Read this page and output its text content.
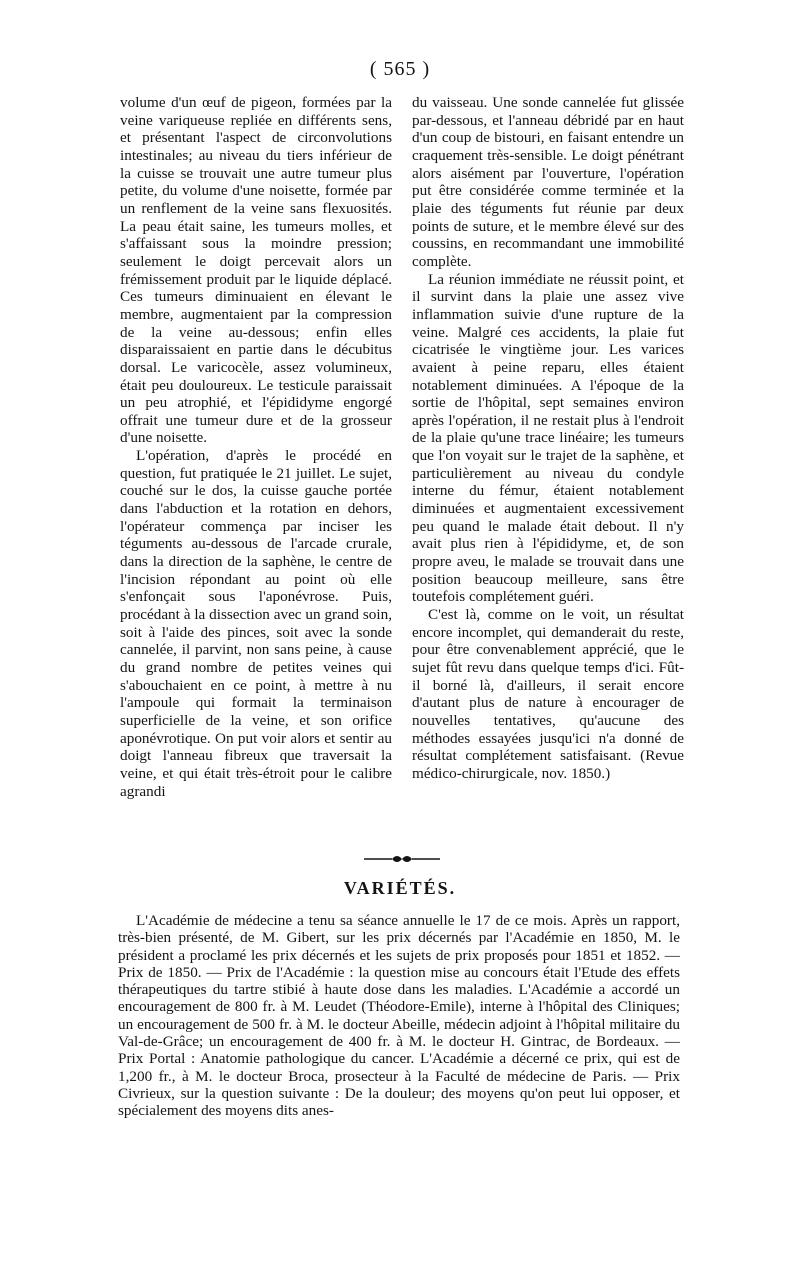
( 565 )

volume d'un œuf de pigeon, formées par la veine variqueuse repliée en différents sens, et présentant l'aspect de circonvolutions intestinales; au niveau du tiers inférieur de la cuisse se trouvait une autre tumeur plus petite, du volume d'une noisette, formée par un renflement de la veine sans flexuosités. La peau était saine, les tumeurs molles, et s'affaissant sous la moindre pression; seulement le doigt percevait alors un frémissement produit par le liquide déplacé. Ces tumeurs diminuaient en élevant le membre, augmentaient par la compression de la veine au-dessous; enfin elles disparaissaient en partie dans le décubitus dorsal. Le varicocèle, assez volumineux, était peu douloureux. Le testicule paraissait un peu atrophié, et l'épididyme engorgé offrait une tumeur dure et de la grosseur d'une noisette.

L'opération, d'après le procédé en question, fut pratiquée le 21 juillet. Le sujet, couché sur le dos, la cuisse gauche portée dans l'abduction et la rotation en dehors, l'opérateur commença par inciser les téguments au-dessous de l'arcade crurale, dans la direction de la saphène, le centre de l'incision répondant au point où elle s'enfonçait sous l'aponévrose. Puis, procédant à la dissection avec un grand soin, soit à l'aide des pinces, soit avec la sonde cannelée, il parvint, non sans peine, à cause du grand nombre de petites veines qui s'abouchaient en ce point, à mettre à nu l'ampoule qui formait la terminaison superficielle de la veine, et son orifice aponévrotique. On put voir alors et sentir au doigt l'anneau fibreux que traversait la veine, et qui était très-étroit pour le calibre agrandi

du vaisseau. Une sonde cannelée fut glissée par-dessous, et l'anneau débridé par en haut d'un coup de bistouri, en faisant entendre un craquement très-sensible. Le doigt pénétrant alors aisément par l'ouverture, l'opération put être considérée comme terminée et la plaie des téguments fut réunie par deux points de suture, et le membre élevé sur des coussins, en recommandant une immobilité complète.

La réunion immédiate ne réussit point, et il survint dans la plaie une assez vive inflammation suivie d'une rupture de la veine. Malgré ces accidents, la plaie fut cicatrisée le vingtième jour. Les varices avaient à peine reparu, elles étaient notablement diminuées. A l'époque de la sortie de l'hôpital, sept semaines environ après l'opération, il ne restait plus à l'endroit de la plaie qu'une trace linéaire; les tumeurs que l'on voyait sur le trajet de la saphène, et particulièrement au niveau du condyle interne du fémur, étaient notablement diminuées et augmentaient excessivement peu quand le malade était debout. Il n'y avait plus rien à l'épididyme, et, de son propre aveu, le malade se trouvait dans une position beaucoup meilleure, sans être toutefois complétement guéri.

C'est là, comme on le voit, un résultat encore incomplet, qui demanderait du reste, pour être convenablement apprécié, que le sujet fût revu dans quelque temps d'ici. Fût-il borné là, d'ailleurs, il serait encore d'autant plus de nature à encourager de nouvelles tentatives, qu'aucune des méthodes essayées jusqu'ici n'a donné de résultat complétement satisfaisant. (Revue médico-chirurgicale, nov. 1850.)

VARIÉTÉS.

L'Académie de médecine a tenu sa séance annuelle le 17 de ce mois. Après un rapport, très-bien présenté, de M. Gibert, sur les prix décernés par l'Académie en 1850, M. le président a proclamé les prix décernés et les sujets de prix proposés pour 1851 et 1852. — Prix de 1850. — Prix de l'Académie : la question mise au concours était l'Etude des effets thérapeutiques du tartre stibié à haute dose dans les maladies. L'Académie a accordé un encouragement de 800 fr. à M. Leudet (Théodore-Emile), interne à l'hôpital des Cliniques; un encouragement de 500 fr. à M. le docteur Abeille, médecin adjoint à l'hôpital militaire du Val-de-Grâce; un encouragement de 400 fr. à M. le docteur H. Gintrac, de Bordeaux. — Prix Portal : Anatomie pathologique du cancer. L'Académie a décerné ce prix, qui est de 1,200 fr., à M. le docteur Broca, prosecteur à la Faculté de médecine de Paris. — Prix Civrieux, sur la question suivante : De la douleur; des moyens qu'on peut lui opposer, et spécialement des moyens dits anes-
